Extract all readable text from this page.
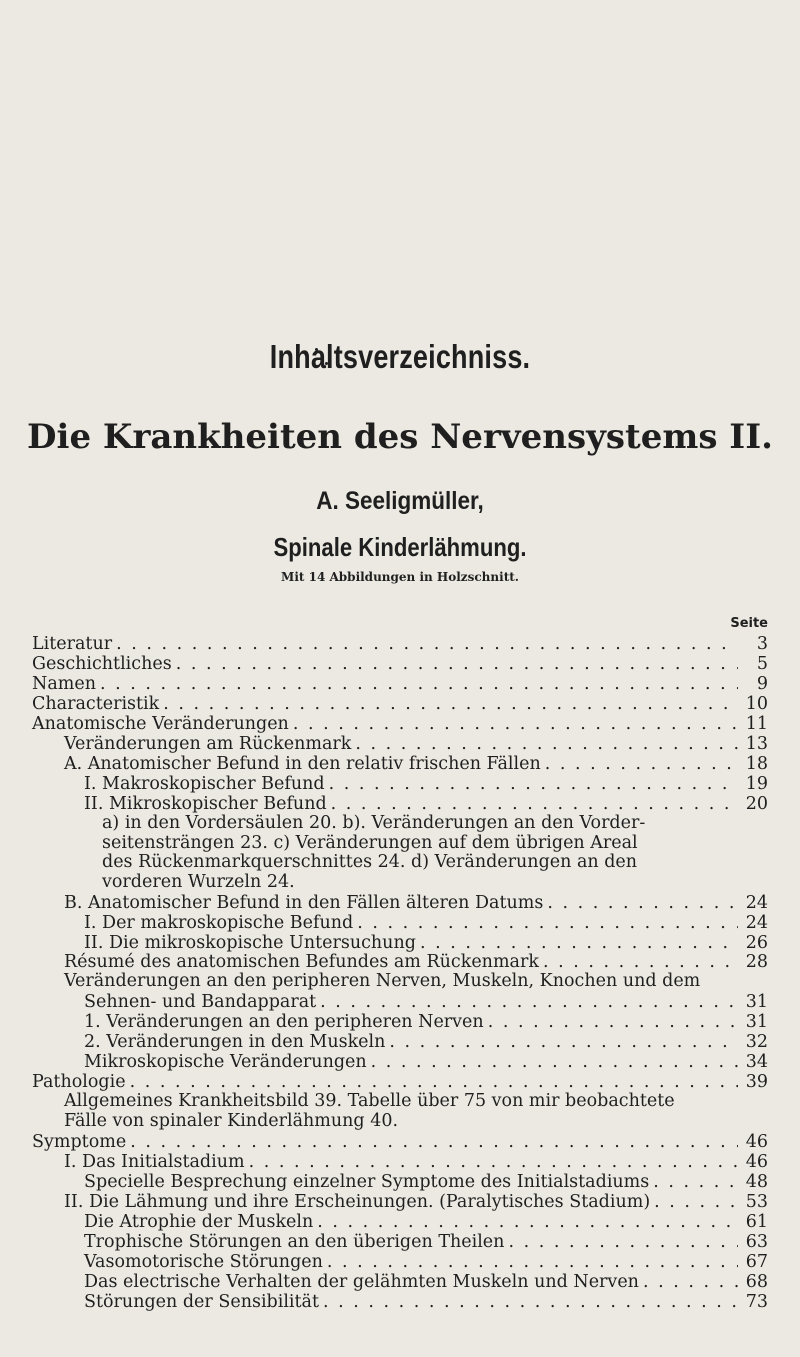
Inhaltsverzeichniss.
Die Krankheiten des Nervensystems II.
A. Seeligmüller,
Spinale Kinderlähmung.
Mit 14 Abbildungen in Holzschnitt.
Seite
Literatur . . .	3
Geschichtliches . . .	5
Namen . . .	9
Characteristik . . .	10
Anatomische Veränderungen . . .	11
Veränderungen am Rückenmark . . .	13
A. Anatomischer Befund in den relativ frischen Fällen . . .	18
I. Makroskopischer Befund . . .	19
II. Mikroskopischer Befund . . .	20
a) in den Vordersäulen 20. b). Veränderungen an den Vorder-
seitensträngen 23. c) Veränderungen auf dem übrigen Areal
des Rückenmarkquerschnittes 24. d) Veränderungen an den
vorderen Wurzeln 24.
B. Anatomischer Befund in den Fällen älteren Datums . . .	24
I. Der makroskopische Befund . . .	24
II. Die mikroskopische Untersuchung . . .	26
Résumé des anatomischen Befundes am Rückenmark . . .	28
Veränderungen an den peripheren Nerven, Muskeln, Knochen und dem
Sehnen- und Bandapparat . . .	31
1. Veränderungen an den peripheren Nerven . . .	31
2. Veränderungen in den Muskeln . . .	32
Mikroskopische Veränderungen . . .	34
Pathologie . . .	39
Allgemeines Krankheitsbild 39. Tabelle über 75 von mir beobachtete
Fälle von spinaler Kinderlähmung 40.
Symptome . . .	46
I. Das Initialstadium . . .	46
Specielle Besprechung einzelner Symptome des Initialstadiums . . .	48
II. Die Lähmung und ihre Erscheinungen. (Paralytisches Stadium) . . .	53
Die Atrophie der Muskeln . . .	61
Trophische Störungen an den überigen Theilen . . .	63
Vasomotorische Störungen . . .	67
Das electrische Verhalten der gelähmten Muskeln und Nerven . . .	68
Störungen der Sensibilität . . .	73
